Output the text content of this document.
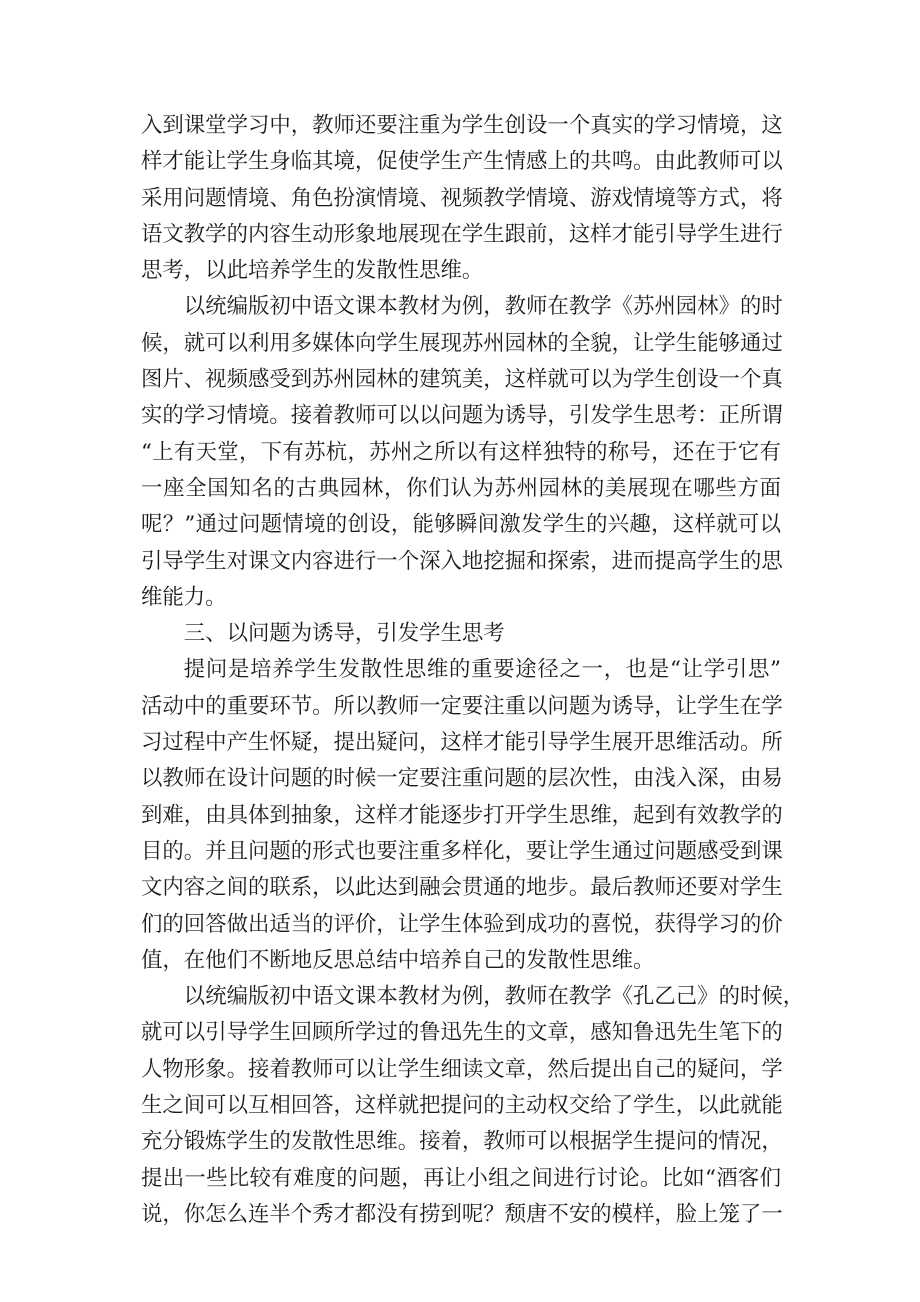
入到课堂学习中，教师还要注重为学生创设一个真实的学习情境，这
样才能让学生身临其境，促使学生产生情感上的共鸣。由此教师可以
采用问题情境、角色扮演情境、视频教学情境、游戏情境等方式，将
语文教学的内容生动形象地展现在学生跟前，这样才能引导学生进行
思考，以此培养学生的发散性思维。
以统编版初中语文课本教材为例，教师在教学《苏州园林》的时
候，就可以利用多媒体向学生展现苏州园林的全貌，让学生能够通过
图片、视频感受到苏州园林的建筑美，这样就可以为学生创设一个真
实的学习情境。接着教师可以以问题为诱导，引发学生思考：正所谓
“上有天堂，下有苏杭，苏州之所以有这样独特的称号，还在于它有
一座全国知名的古典园林，你们认为苏州园林的美展现在哪些方面
呢？”通过问题情境的创设，能够瞬间激发学生的兴趣，这样就可以
引导学生对课文内容进行一个深入地挖掘和探索，进而提高学生的思
维能力。
三、以问题为诱导，引发学生思考
提问是培养学生发散性思维的重要途径之一，也是“让学引思”
活动中的重要环节。所以教师一定要注重以问题为诱导，让学生在学
习过程中产生怀疑，提出疑问，这样才能引导学生展开思维活动。所
以教师在设计问题的时候一定要注重问题的层次性，由浅入深，由易
到难，由具体到抽象，这样才能逐步打开学生思维，起到有效教学的
目的。并且问题的形式也要注重多样化，要让学生通过问题感受到课
文内容之间的联系，以此达到融会贯通的地步。最后教师还要对学生
们的回答做出适当的评价，让学生体验到成功的喜悦，获得学习的价
值，在他们不断地反思总结中培养自己的发散性思维。
以统编版初中语文课本教材为例，教师在教学《孔乙己》的时候，
就可以引导学生回顾所学过的鲁迅先生的文章，感知鲁迅先生笔下的
人物形象。接着教师可以让学生细读文章，然后提出自己的疑问，学
生之间可以互相回答，这样就把提问的主动权交给了学生，以此就能
充分锻炼学生的发散性思维。接着，教师可以根据学生提问的情况，
提出一些比较有难度的问题，再让小组之间进行讨论。比如“酒客们
说，你怎么连半个秀才都没有捞到呢？颓唐不安的模样，脸上笼了一
